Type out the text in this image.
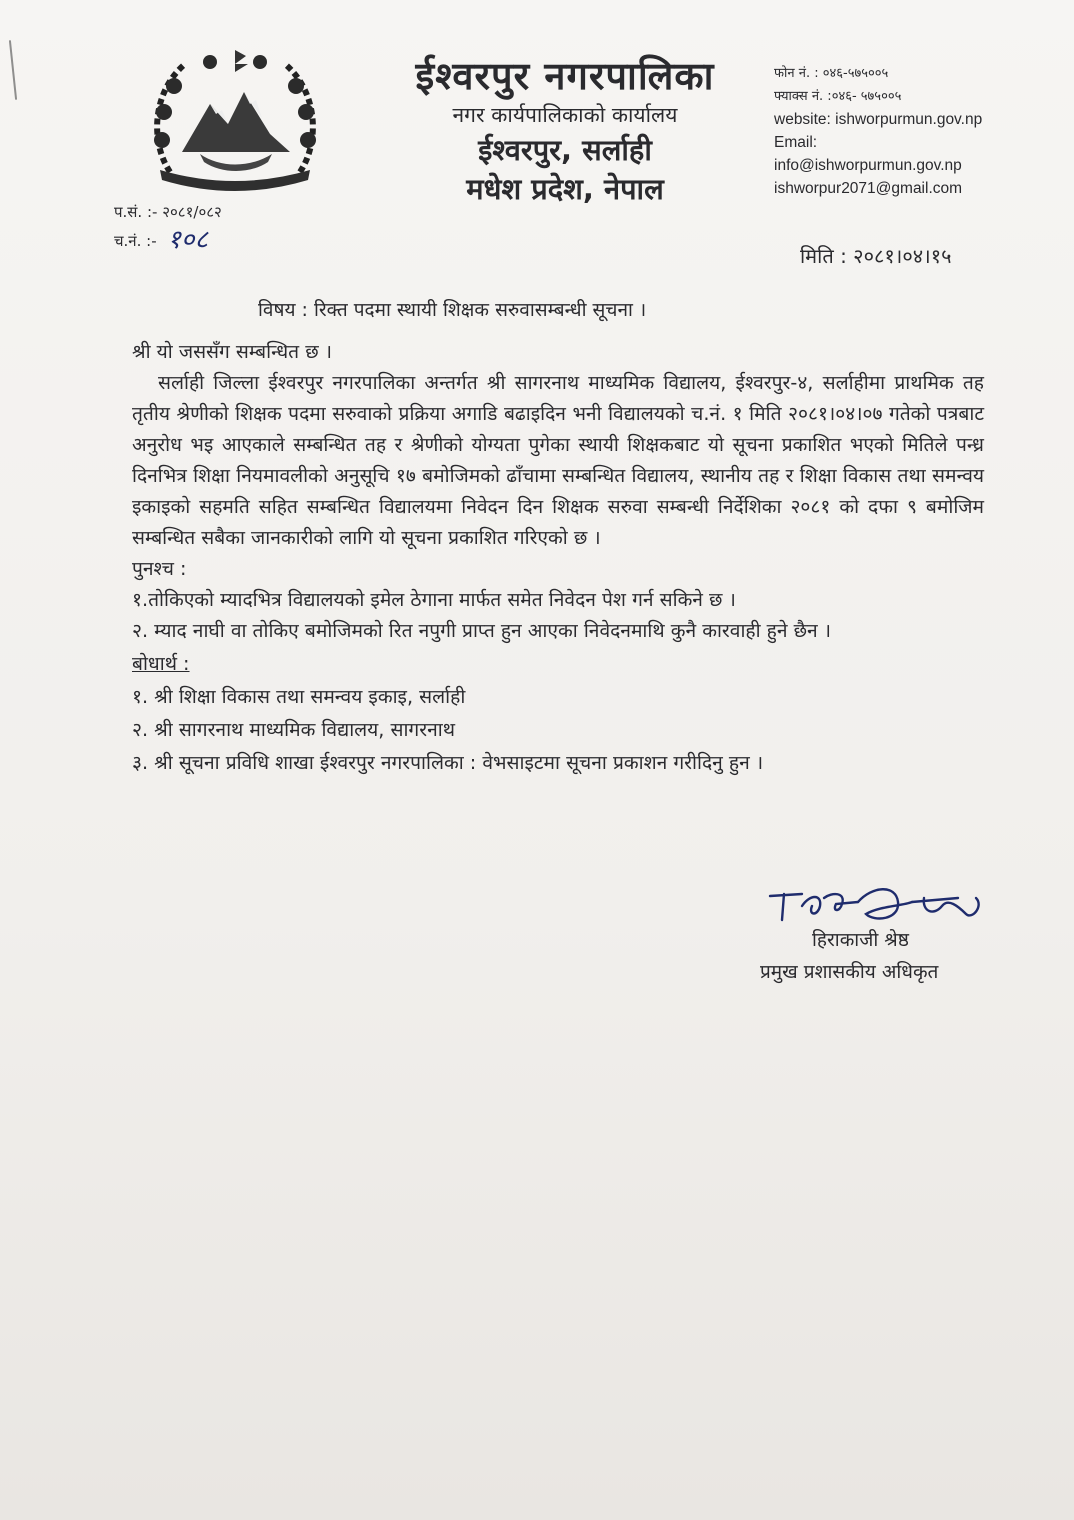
ईश्वरपुर नगरपालिका
नगर कार्यपालिकाको कार्यालय
ईश्वरपुर, सर्लाही
मधेश प्रदेश, नेपाल
फोन नं. : ०४६-५७५००५
फ्याक्स नं. :०४६- ५७५००५
website: ishworpurmun.gov.np
Email:
info@ishworpurmun.gov.np
ishworpur2071@gmail.com
प.सं. :- २०८१/०८२
च.नं. :- १०८
मिति : २०८१।०४।१५
विषय : रिक्त पदमा स्थायी शिक्षक सरुवासम्बन्धी सूचना ।

श्री यो जससँग सम्बन्धित छ ।

सर्लाही जिल्ला ईश्वरपुर नगरपालिका अन्तर्गत श्री सागरनाथ माध्यमिक विद्यालय, ईश्वरपुर-४, सर्लाहीमा प्राथमिक तह तृतीय श्रेणीको शिक्षक पदमा सरुवाको प्रक्रिया अगाडि बढाइदिन भनी विद्यालयको च.नं. १ मिति २०८१।०४।०७ गतेको पत्रबाट अनुरोध भइ आएकाले सम्बन्धित तह र श्रेणीको योग्यता पुगेका स्थायी शिक्षकबाट यो सूचना प्रकाशित भएको मितिले पन्ध्र दिनभित्र शिक्षा नियमावलीको अनुसूचि १७ बमोजिमको ढाँचामा सम्बन्धित विद्यालय, स्थानीय तह र शिक्षा विकास तथा समन्वय इकाइको सहमति सहित सम्बन्धित विद्यालयमा निवेदन दिन शिक्षक सरुवा सम्बन्धी निर्देशिका २०८१ को दफा ९ बमोजिम सम्बन्धित सबैका जानकारीको लागि यो सूचना प्रकाशित गरिएको छ ।

पुनश्च :

१.तोकिएको म्यादभित्र विद्यालयको इमेल ठेगाना मार्फत समेत निवेदन पेश गर्न सकिने छ ।

२. म्याद नाघी वा तोकिए बमोजिमको रित नपुगी प्राप्त हुन आएका निवेदनमाथि कुनै कारवाही हुने छैन ।

बोधार्थ :

१. श्री शिक्षा विकास तथा समन्वय इकाइ, सर्लाही

२. श्री सागरनाथ माध्यमिक विद्यालय, सागरनाथ

३. श्री सूचना प्रविधि शाखा ईश्वरपुर नगरपालिका : वेभसाइटमा सूचना प्रकाशन गरीदिनु हुन ।

हिराकाजी श्रेष्ठ
प्रमुख प्रशासकीय अधिकृत
